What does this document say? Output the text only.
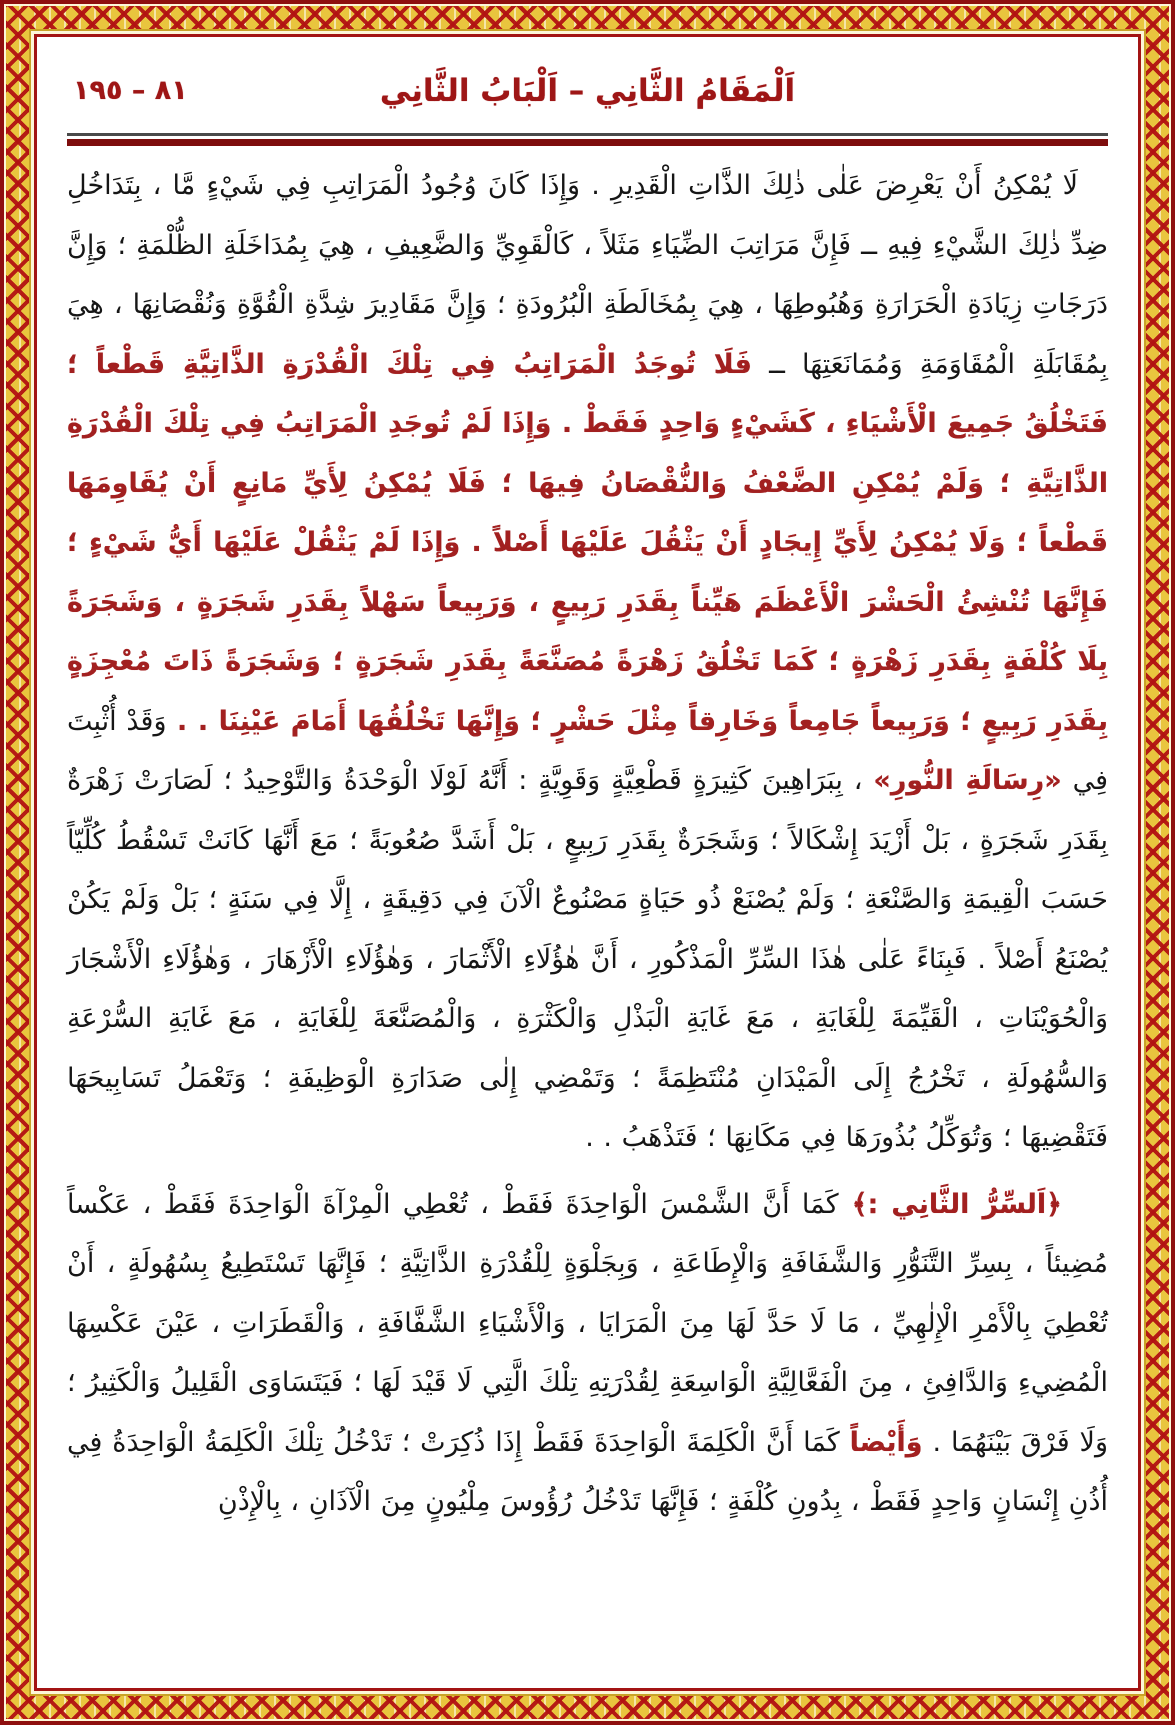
٨١ – ١٩٥	اَلْمَقَامُ الثَّانِي – اَلْبَابُ الثَّانِي

لَا يُمْكِنُ أَنْ يَعْرِضَ عَلٰى ذٰلِكَ الذَّاتِ الْقَدِيرِ . وَإِذَا كَانَ وُجُودُ الْمَرَاتِبِ فِي شَيْءٍ مَّا ، بِتَدَاخُلِ ضِدِّ ذٰلِكَ الشَّيْءِ فِيهِ ــ فَإِنَّ مَرَاتِبَ الضِّيَاءِ مَثَلاً ، كَالْقَوِيِّ وَالضَّعِيفِ ، هِيَ بِمُدَاخَلَةِ الظُّلْمَةِ ؛ وَإِنَّ دَرَجَاتِ زِيَادَةِ الْحَرَارَةِ وَهُبُوطِهَا ، هِيَ بِمُخَالَطَةِ الْبُرُودَةِ ؛ وَإِنَّ مَقَادِيرَ شِدَّةِ الْقُوَّةِ وَنُقْصَانِهَا ، هِيَ بِمُقَابَلَةِ الْمُقَاوَمَةِ وَمُمَانَعَتِهَا ــ فَلَا تُوجَدُ الْمَرَاتِبُ فِي تِلْكَ الْقُدْرَةِ الذَّاتِيَّةِ قَطْعاً ؛ فَتَخْلُقُ جَمِيعَ الْأَشْيَاءِ ، كَشَيْءٍ وَاحِدٍ فَقَطْ . وَإِذَا لَمْ تُوجَدِ الْمَرَاتِبُ فِي تِلْكَ الْقُدْرَةِ الذَّاتِيَّةِ ؛ وَلَمْ يُمْكِنِ الضَّعْفُ وَالنُّقْصَانُ فِيهَا ؛ فَلَا يُمْكِنُ لِأَيِّ مَانِعٍ أَنْ يُقَاوِمَهَا قَطْعاً ؛ وَلَا يُمْكِنُ لِأَيِّ إِيجَادٍ أَنْ يَثْقُلَ عَلَيْهَا أَصْلاً . وَإِذَا لَمْ يَثْقُلْ عَلَيْهَا أَيُّ شَيْءٍ ؛ فَإِنَّهَا تُنْشِئُ الْحَشْرَ الْأَعْظَمَ هَيِّناً بِقَدَرِ رَبِيعٍ ، وَرَبِيعاً سَهْلاً بِقَدَرِ شَجَرَةٍ ، وَشَجَرَةً بِلَا كُلْفَةٍ بِقَدَرِ زَهْرَةٍ ؛ كَمَا تَخْلُقُ زَهْرَةً مُصَنَّعَةً بِقَدَرِ شَجَرَةٍ ؛ وَشَجَرَةً ذَاتَ مُعْجِزَةٍ بِقَدَرِ رَبِيعٍ ؛ وَرَبِيعاً جَامِعاً وَخَارِقاً مِثْلَ حَشْرٍ ؛ وَإِنَّهَا تَخْلُقُهَا أَمَامَ عَيْنِنَا . . وَقَدْ أُثْبِتَ فِي «رِسَالَةِ النُّورِ» ، بِبَرَاهِينَ كَثِيرَةٍ قَطْعِيَّةٍ وَقَوِيَّةٍ : أَنَّهُ لَوْلَا الْوَحْدَةُ وَالتَّوْحِيدُ ؛ لَصَارَتْ زَهْرَةٌ بِقَدَرِ شَجَرَةٍ ، بَلْ أَزْيَدَ إِشْكَالاً ؛ وَشَجَرَةٌ بِقَدَرِ رَبِيعٍ ، بَلْ أَشَدَّ صُعُوبَةً ؛ مَعَ أَنَّهَا كَانَتْ تَسْقُطُ كُلِّيّاً حَسَبَ الْقِيمَةِ وَالصَّنْعَةِ ؛ وَلَمْ يُصْنَعْ ذُو حَيَاةٍ مَصْنُوعٌ الْآنَ فِي دَقِيقَةٍ ، إِلَّا فِي سَنَةٍ ؛ بَلْ وَلَمْ يَكُنْ يُصْنَعُ أَصْلاً . فَبِنَاءً عَلٰى هٰذَا السِّرِّ الْمَذْكُورِ ، أَنَّ هٰؤُلَاءِ الْأَثْمَارَ ، وَهٰؤُلَاءِ الْأَزْهَارَ ، وَهٰؤُلَاءِ الْأَشْجَارَ وَالْحُوَيْنَاتِ ، الْقَيِّمَةَ لِلْغَايَةِ ، مَعَ غَايَةِ الْبَذْلِ وَالْكَثْرَةِ ، وَالْمُصَنَّعَةَ لِلْغَايَةِ ، مَعَ غَايَةِ السُّرْعَةِ وَالسُّهُولَةِ ، تَخْرُجُ إِلَى الْمَيْدَانِ مُنْتَظِمَةً ؛ وَتَمْضِي إِلٰى صَدَارَةِ الْوَظِيفَةِ ؛ وَتَعْمَلُ تَسَابِيحَهَا فَتَقْضِيهَا ؛ وَتُوَكِّلُ بُذُورَهَا فِي مَكَانِهَا ؛ فَتَذْهَبُ . .

﴿اَلسِّرُّ الثَّانِي :﴾ كَمَا أَنَّ الشَّمْسَ الْوَاحِدَةَ فَقَطْ ، تُعْطِي الْمِرْآةَ الْوَاحِدَةَ فَقَطْ ، عَكْساً مُضِيئاً ، بِسِرِّ التَّنَوُّرِ وَالشَّفَافَةِ وَالْإِطَاعَةِ ، وَبِجَلْوَةٍ لِلْقُدْرَةِ الذَّاتِيَّةِ ؛ فَإِنَّهَا تَسْتَطِيعُ بِسُهُولَةٍ ، أَنْ تُعْطِيَ بِالْأَمْرِ الْإِلٰهِيِّ ، مَا لَا حَدَّ لَهَا مِنَ الْمَرَايَا ، وَالْأَشْيَاءِ الشَّفَّافَةِ ، وَالْقَطَرَاتِ ، عَيْنَ عَكْسِهَا الْمُضِيءِ وَالدَّافِئِ ، مِنَ الْفَعَّالِيَّةِ الْوَاسِعَةِ لِقُدْرَتِهِ تِلْكَ الَّتِي لَا قَيْدَ لَهَا ؛ فَيَتَسَاوَى الْقَلِيلُ وَالْكَثِيرُ ؛ وَلَا فَرْقَ بَيْنَهُمَا . وَأَيْضاً كَمَا أَنَّ الْكَلِمَةَ الْوَاحِدَةَ فَقَطْ إِذَا ذُكِرَتْ ؛ تَدْخُلُ تِلْكَ الْكَلِمَةُ الْوَاحِدَةُ فِي أُذُنِ إِنْسَانٍ وَاحِدٍ فَقَطْ ، بِدُونِ كُلْفَةٍ ؛ فَإِنَّهَا تَدْخُلُ رُؤُوسَ مِلْيُونٍ مِنَ الْآذَانِ ، بِالْإِذْنِ
